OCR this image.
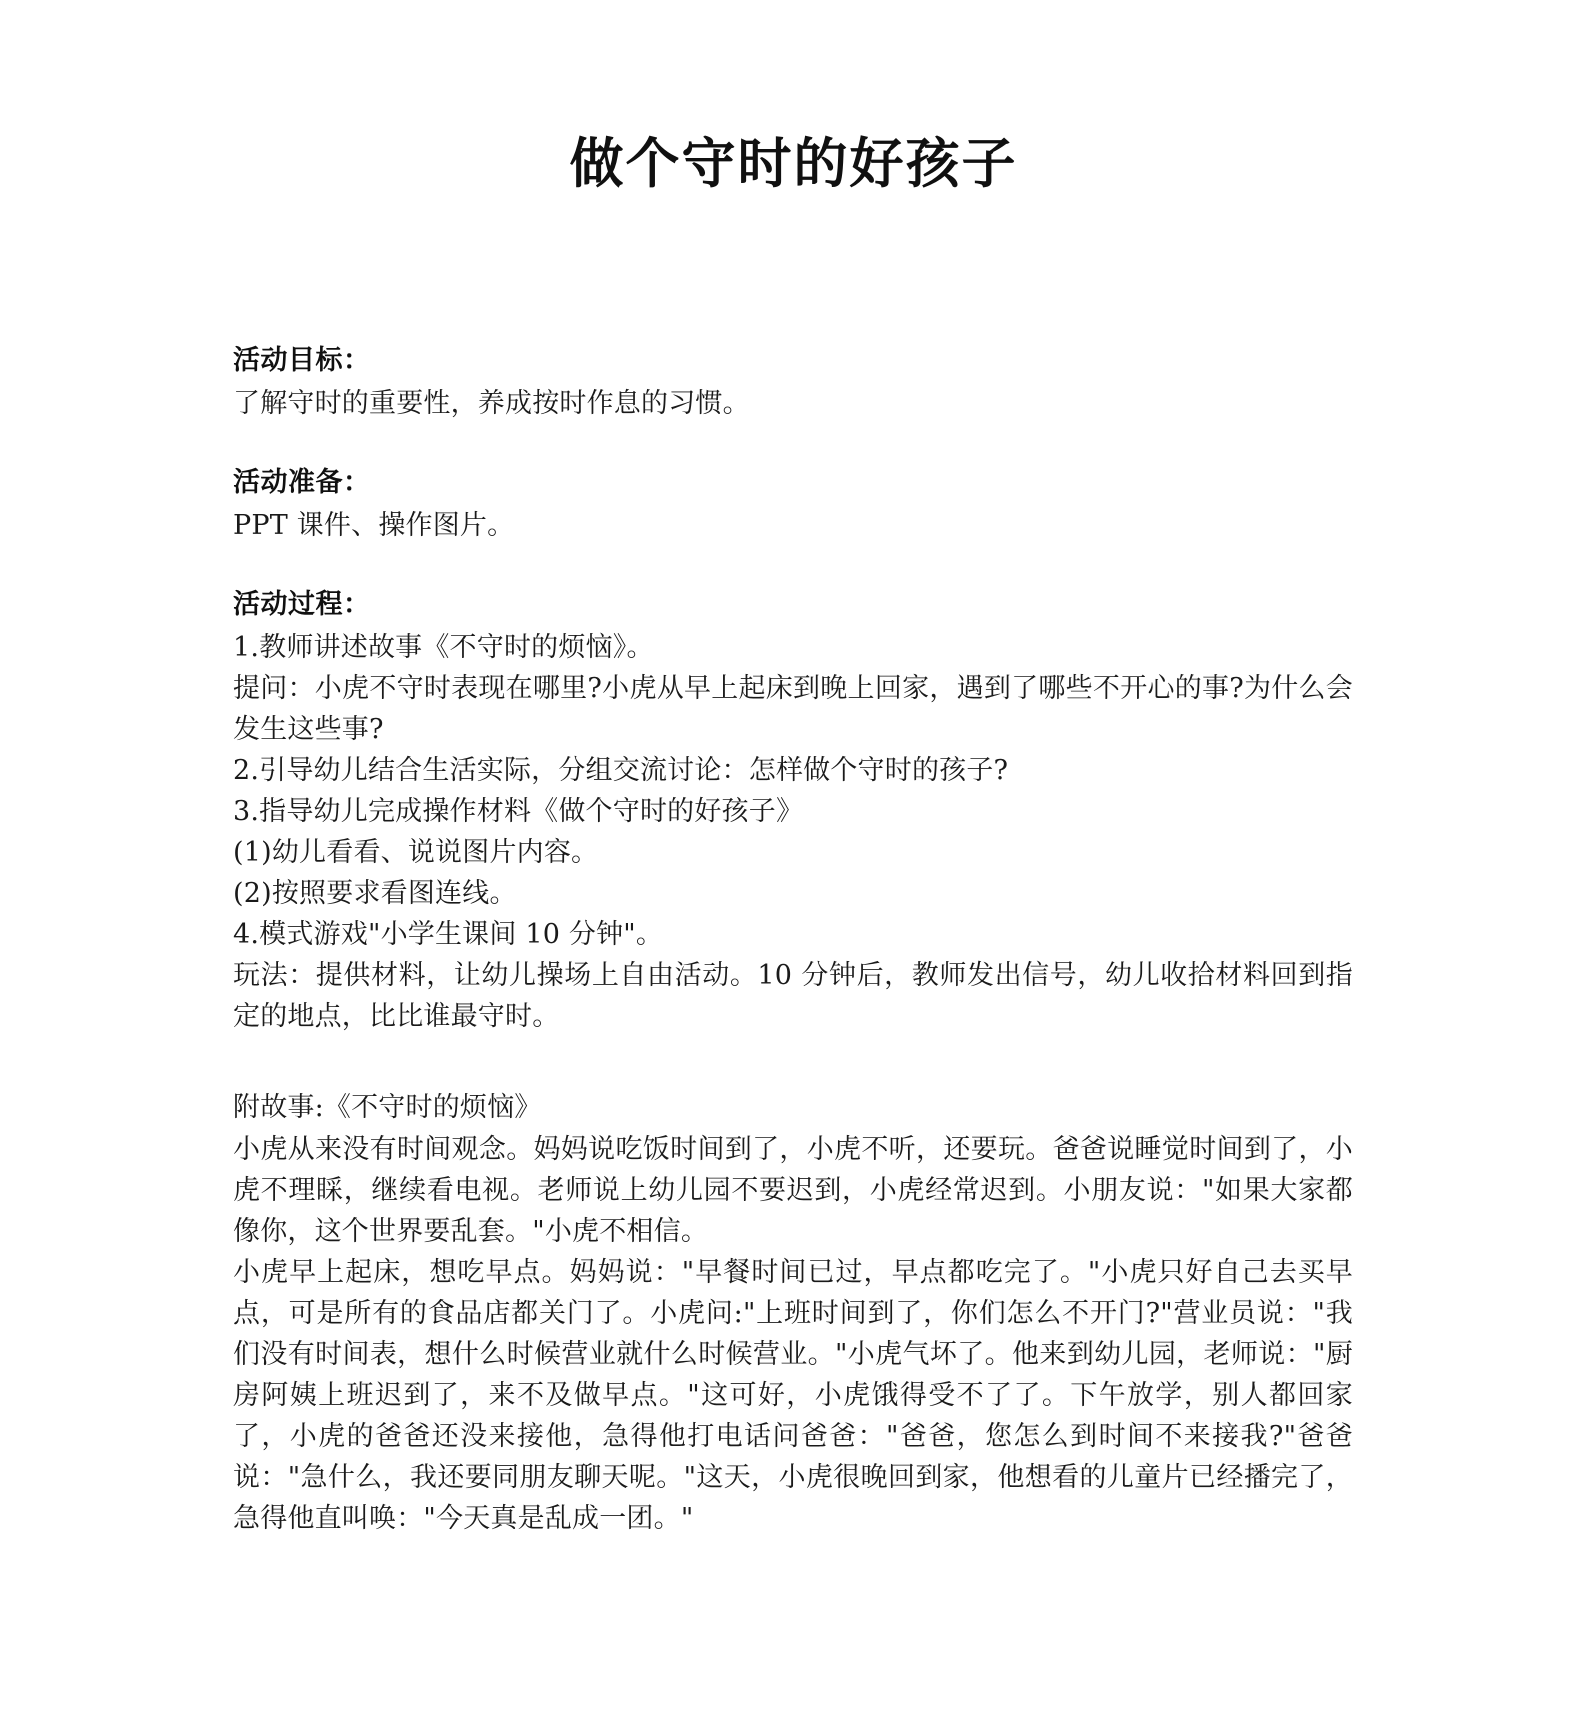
做个守时的好孩子
活动目标：

了解守时的重要性，养成按时作息的习惯。

活动准备：

PPT 课件、操作图片。

活动过程：

1.教师讲述故事《不守时的烦恼》。

提问：小虎不守时表现在哪里?小虎从早上起床到晚上回家，遇到了哪些不开心的事?为什么会发生这些事?

2.引导幼儿结合生活实际，分组交流讨论：怎样做个守时的孩子?

3.指导幼儿完成操作材料《做个守时的好孩子》

(1)幼儿看看、说说图片内容。

(2)按照要求看图连线。

4.模式游戏"小学生课间 10 分钟"。

玩法：提供材料，让幼儿操场上自由活动。10 分钟后，教师发出信号，幼儿收拾材料回到指定的地点，比比谁最守时。

附故事:《不守时的烦恼》

小虎从来没有时间观念。妈妈说吃饭时间到了，小虎不听，还要玩。爸爸说睡觉时间到了，小虎不理睬，继续看电视。老师说上幼儿园不要迟到，小虎经常迟到。小朋友说："如果大家都像你，这个世界要乱套。"小虎不相信。

小虎早上起床，想吃早点。妈妈说："早餐时间已过，早点都吃完了。"小虎只好自己去买早点，可是所有的食品店都关门了。小虎问:"上班时间到了，你们怎么不开门?"营业员说："我们没有时间表，想什么时候营业就什么时候营业。"小虎气坏了。他来到幼儿园，老师说："厨房阿姨上班迟到了，来不及做早点。"这可好，小虎饿得受不了了。下午放学，别人都回家了，小虎的爸爸还没来接他，急得他打电话问爸爸："爸爸，您怎么到时间不来接我?"爸爸说："急什么，我还要同朋友聊天呢。"这天，小虎很晚回到家，他想看的儿童片已经播完了，急得他直叫唤："今天真是乱成一团。"
